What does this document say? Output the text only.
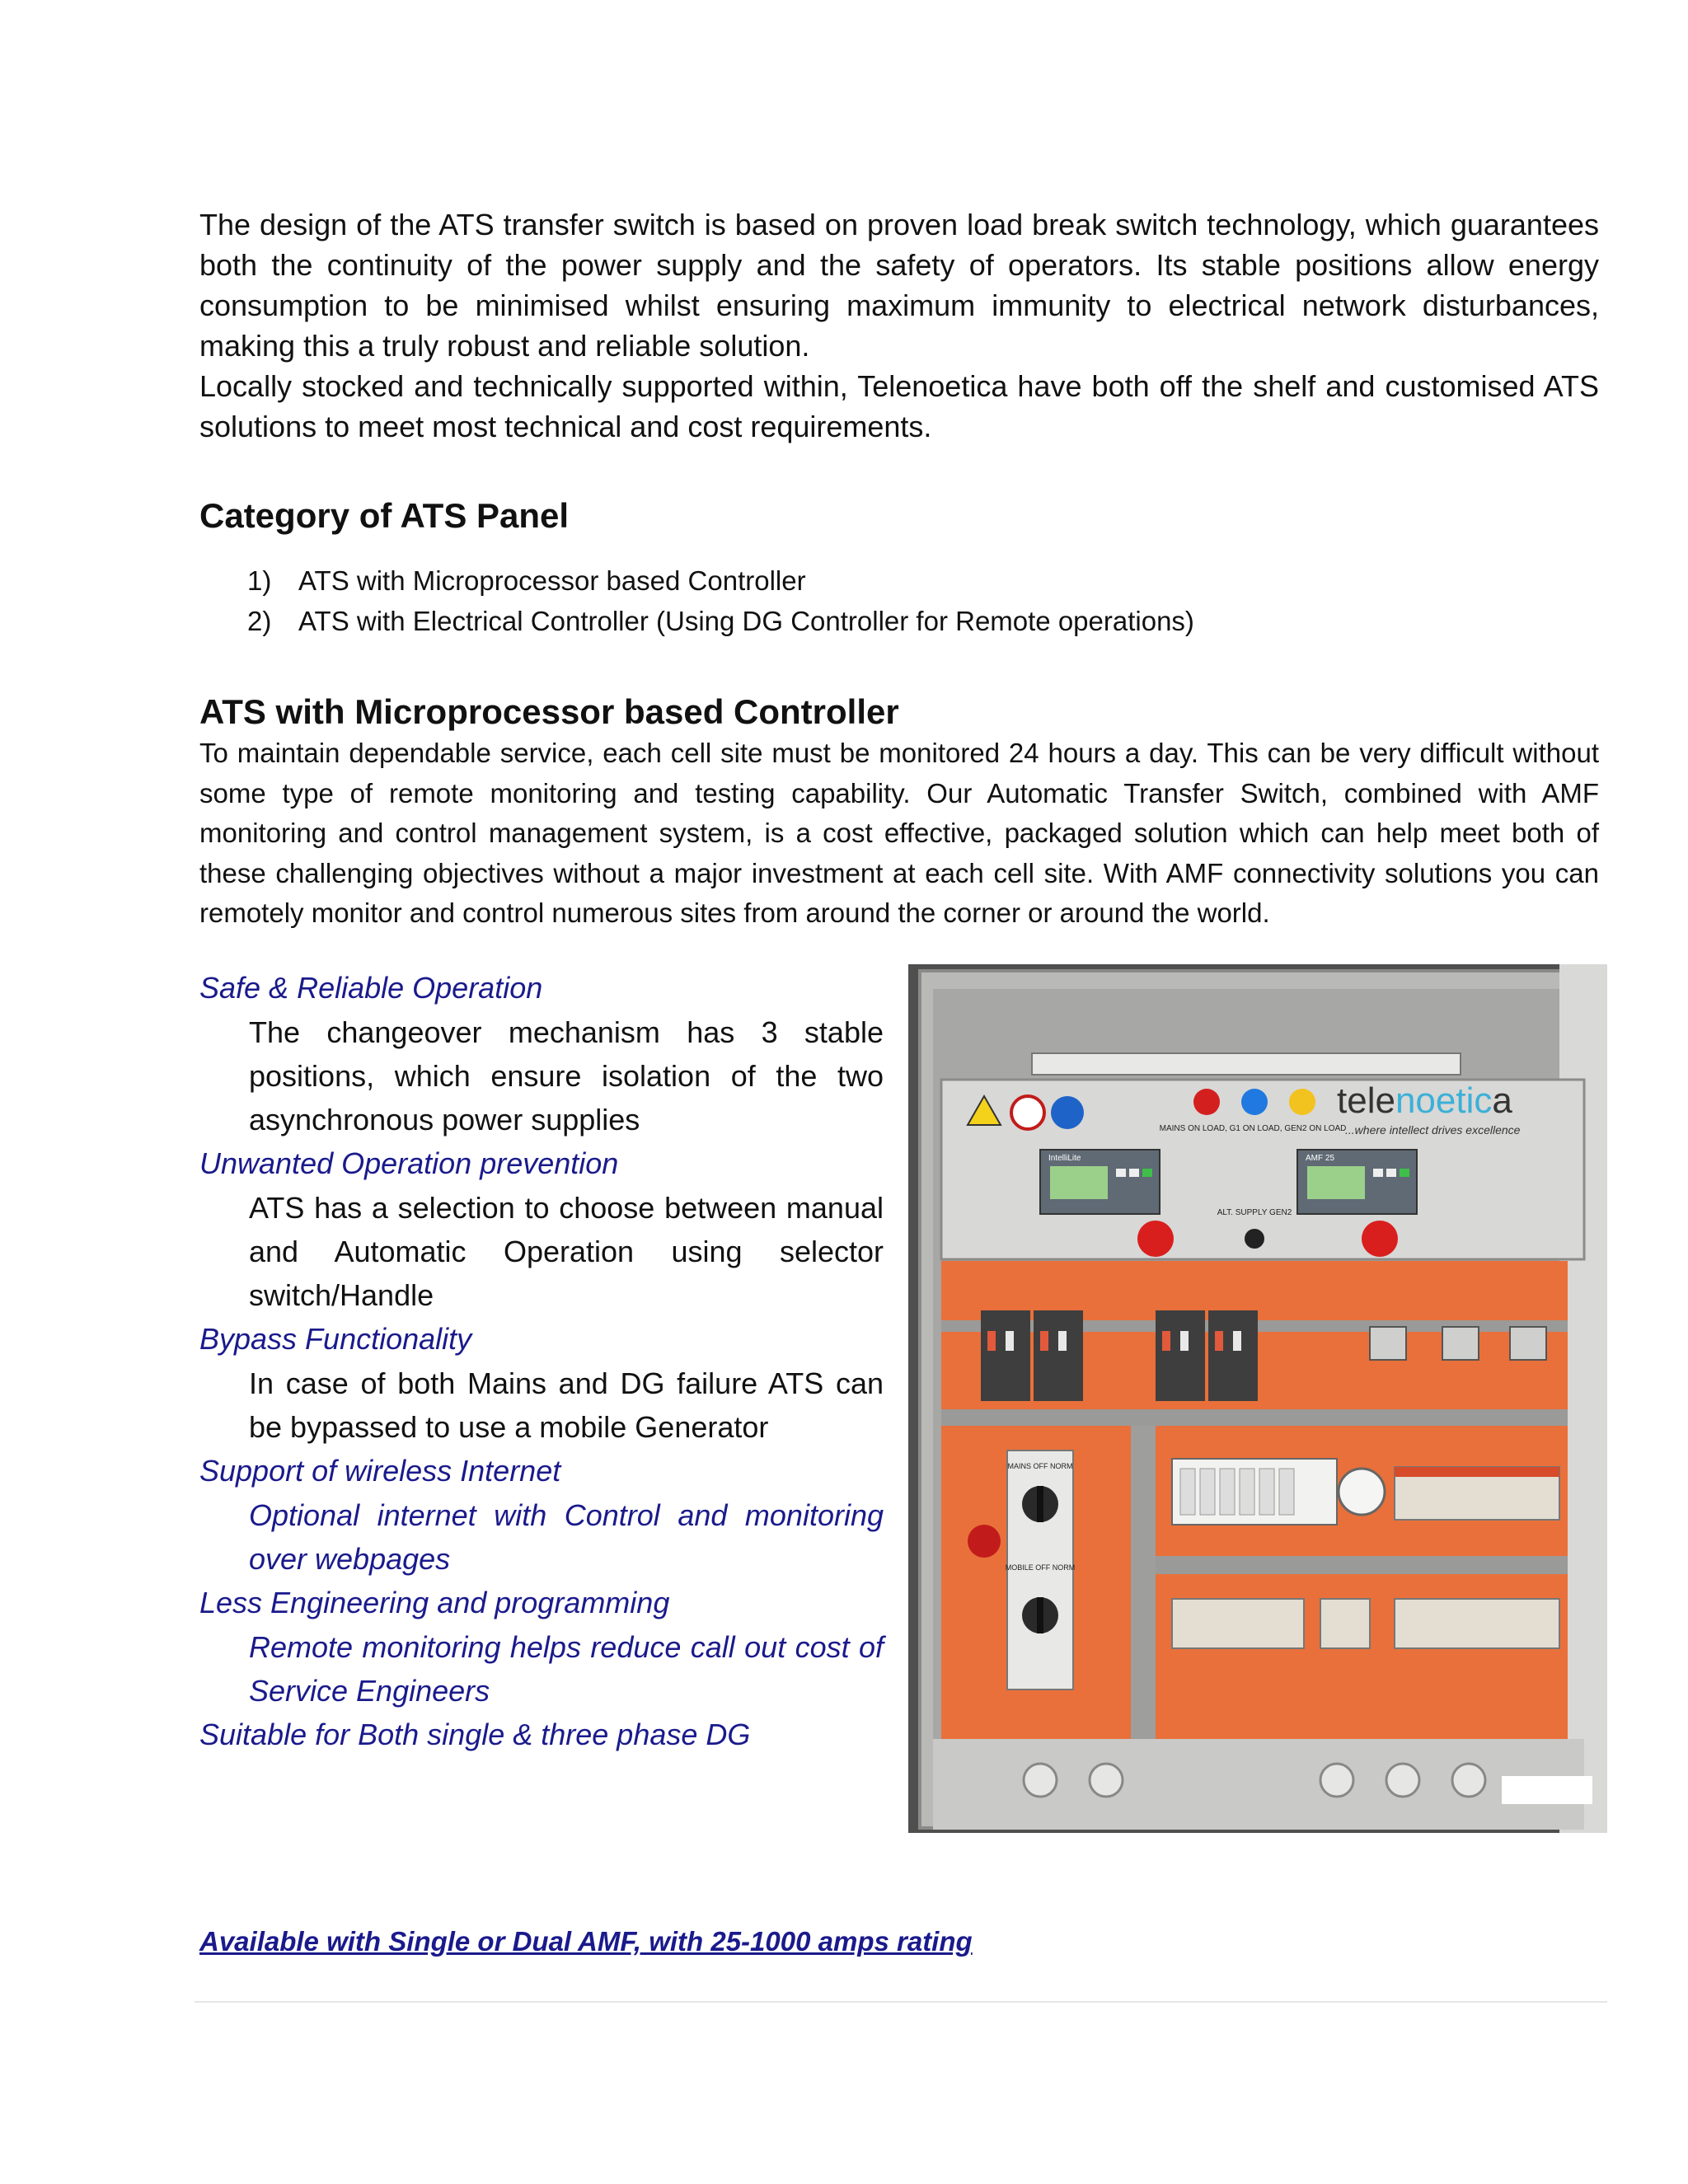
The design of the ATS transfer switch is based on proven load break switch technology, which guarantees both the continuity of the power supply and the safety of operators. Its stable positions allow energy consumption to be minimised whilst ensuring maximum immunity to electrical network disturbances, making this a truly robust and reliable solution.

Locally stocked and technically supported within, Telenoetica have both off the shelf and customised ATS solutions to meet most technical and cost requirements.

Category of ATS Panel
1) ATS with Microprocessor based Controller
2) ATS with Electrical Controller (Using DG Controller for Remote operations)
ATS with Microprocessor based Controller

To maintain dependable service, each cell site must be monitored 24 hours a day. This can be very difficult without some type of remote monitoring and testing capability. Our Automatic Transfer Switch, combined with AMF monitoring and control management system, is a cost effective, packaged solution which can help meet both of these challenging objectives without a major investment at each cell site. With AMF connectivity solutions you can remotely monitor and control numerous sites from around the corner or around the world.

Safe & Reliable Operation

The changeover mechanism has 3 stable positions, which ensure isolation of the two asynchronous power supplies

Unwanted Operation prevention

ATS has a selection to choose between manual and Automatic Operation using selector switch/Handle

Bypass Functionality

In case of both Mains and DG failure ATS can be bypassed to use a mobile Generator

Support of wireless Internet

Optional internet with Control and monitoring over webpages

Less Engineering and programming

Remote monitoring helps reduce call out cost of Service Engineers

Suitable for Both single & three phase DG

MAINS ON LOAD, G1 ON LOAD, GEN2 ON LOAD
telenoetica
...where intellect drives excellence
IntelliLite	AMF 25
ALT. SUPPLY GEN2
MAINS OFF NORM
MOBILE OFF NORM
Available with Single or Dual AMF, with 25-1000 amps rating
